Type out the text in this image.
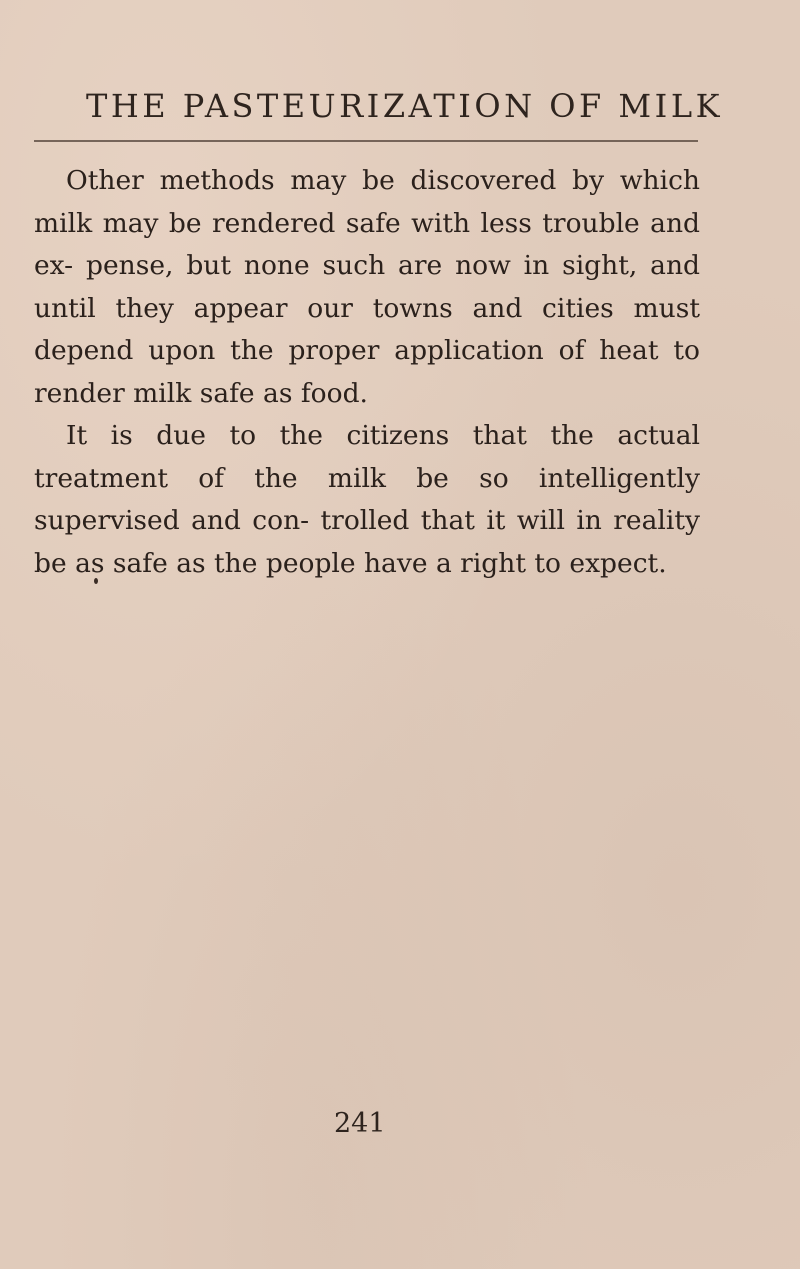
THE PASTEURIZATION OF MILK

Other methods may be discovered by which milk may be rendered safe with less trouble and ex- pense, but none such are now in sight, and until they appear our towns and cities must depend upon the proper application of heat to render milk safe as food.

It is due to the citizens that the actual treatment of the milk be so intelligently supervised and con- trolled that it will in reality be as safe as the people have a right to expect.

241
